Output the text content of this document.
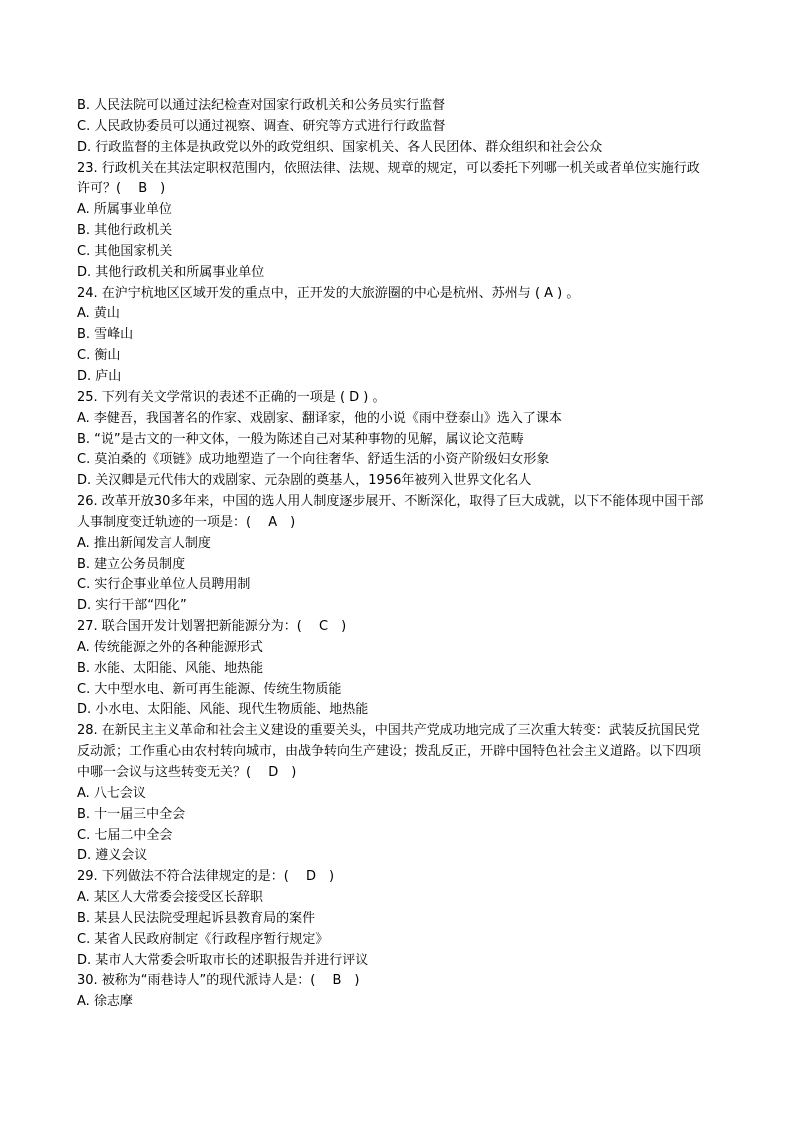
B. 人民法院可以通过法纪检查对国家行政机关和公务员实行监督
C. 人民政协委员可以通过视察、调查、研究等方式进行行政监督
D. 行政监督的主体是执政党以外的政党组织、国家机关、各人民团体、群众组织和社会公众
23. 行政机关在其法定职权范围内，依照法律、法规、规章的规定，可以委托下列哪一机关或者单位实施行政
许可？(　 B　)
A. 所属事业单位
B. 其他行政机关
C. 其他国家机关
D. 其他行政机关和所属事业单位
24. 在沪宁杭地区区域开发的重点中，正开发的大旅游圈的中心是杭州、苏州与 ( A ) 。
A. 黄山
B. 雪峰山
C. 衡山
D. 庐山
25. 下列有关文学常识的表述不正确的一项是 ( D ) 。
A. 李健吾，我国著名的作家、戏剧家、翻译家，他的小说《雨中登泰山》选入了课本
B. “说”是古文的一种文体，一般为陈述自己对某种事物的见解，属议论文范畴
C. 莫泊桑的《项链》成功地塑造了一个向往奢华、舒适生活的小资产阶级妇女形象
D. 关汉卿是元代伟大的戏剧家、元杂剧的奠基人，1956年被列入世界文化名人
26. 改革开放30多年来，中国的选人用人制度逐步展开、不断深化，取得了巨大成就，以下不能体现中国干部
人事制度变迁轨迹的一项是：(　 A　)
A. 推出新闻发言人制度
B. 建立公务员制度
C. 实行企事业单位人员聘用制
D. 实行干部“四化”
27. 联合国开发计划署把新能源分为：(　 C　)
A. 传统能源之外的各种能源形式
B. 水能、太阳能、风能、地热能
C. 大中型水电、新可再生能源、传统生物质能
D. 小水电、太阳能、风能、现代生物质能、地热能
28. 在新民主主义革命和社会主义建设的重要关头，中国共产党成功地完成了三次重大转变：武装反抗国民党
反动派；工作重心由农村转向城市，由战争转向生产建设；拨乱反正，开辟中国特色社会主义道路。以下四项
中哪一会议与这些转变无关？(　 D　)
A. 八七会议
B. 十一届三中全会
C. 七届二中全会
D. 遵义会议
29. 下列做法不符合法律规定的是：(　 D　)
A. 某区人大常委会接受区长辞职
B. 某县人民法院受理起诉县教育局的案件
C. 某省人民政府制定《行政程序暂行规定》
D. 某市人大常委会听取市长的述职报告并进行评议
30. 被称为“雨巷诗人”的现代派诗人是：(　 B　)
A. 徐志摩
